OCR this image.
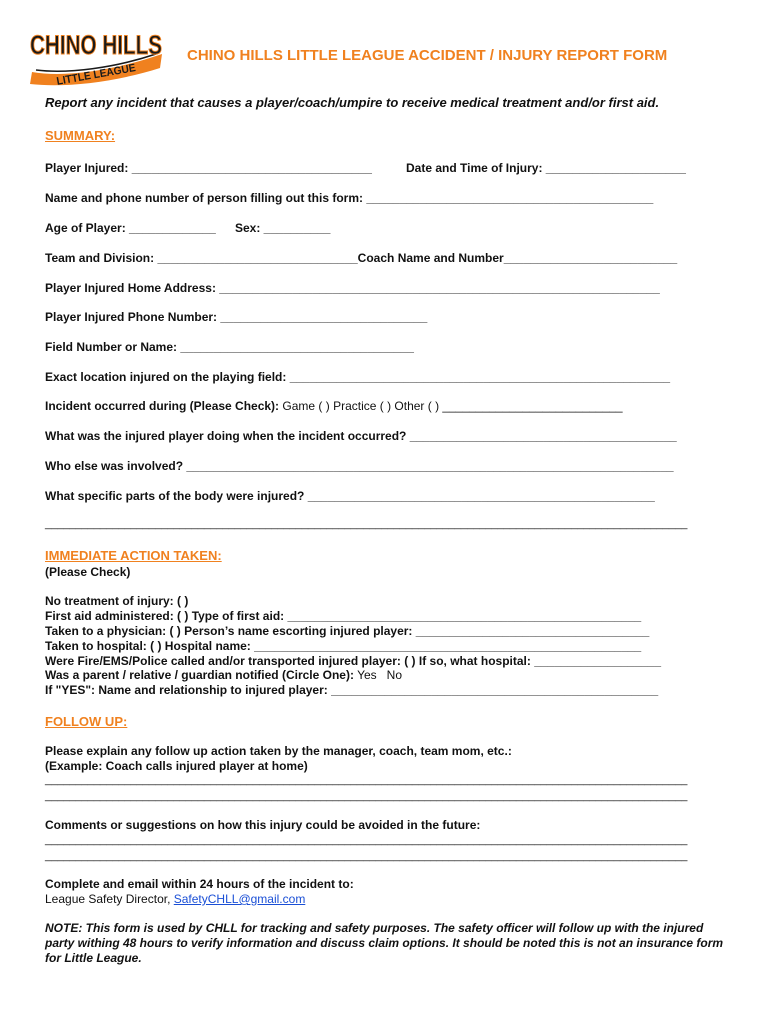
CHINO HILLS
LITTLE LEAGUE
CHINO HILLS LITTLE LEAGUE ACCIDENT / INJURY REPORT FORM
Report any incident that causes a player/coach/umpire to receive medical treatment and/or first aid.
SUMMARY:
Player Injured: ____________________________________	Date and Time of Injury: _____________________
Name and phone number of person filling out this form: ___________________________________________
Age of Player: _____________ Sex: __________
Team and Division: ______________________________Coach Name and Number__________________________
Player Injured Home Address: __________________________________________________________________
Player Injured Phone Number: _______________________________
Field Number or Name: ___________________________________
Exact location injured on the playing field: _________________________________________________________
Incident occurred during (Please Check): Game ( ) Practice ( ) Other ( ) ___________________________
What was the injured player doing when the incident occurred? ________________________________________
Who else was involved? _________________________________________________________________________
What specific parts of the body were injured? ____________________________________________________
_________________________________________________________________________________________________________
IMMEDIATE ACTION TAKEN:
(Please Check)
No treatment of injury: ( )
First aid administered: ( ) Type of first aid: _____________________________________________________
Taken to a physician: ( ) Person’s name escorting injured player: ___________________________________
Taken to hospital: ( ) Hospital name: __________________________________________________________
Were Fire/EMS/Police called and/or transported injured player: ( ) If so, what hospital: ___________________
Was a parent / relative / guardian notified (Circle One): Yes   No
If "YES": Name and relationship to injured player: _________________________________________________
FOLLOW UP:
Please explain any follow up action taken by the manager, coach, team mom, etc.:
(Example: Coach calls injured player at home)
_________________________________________________________________________________________________________
_________________________________________________________________________________________________________
Comments or suggestions on how this injury could be avoided in the future:
_________________________________________________________________________________________________________
_________________________________________________________________________________________________________
Complete and email within 24 hours of the incident to:
League Safety Director, SafetyCHLL@gmail.com
NOTE: This form is used by CHLL for tracking and safety purposes. The safety officer will follow up with the injured party withing 48 hours to verify information and discuss claim options. It should be noted this is not an insurance form for Little League.
